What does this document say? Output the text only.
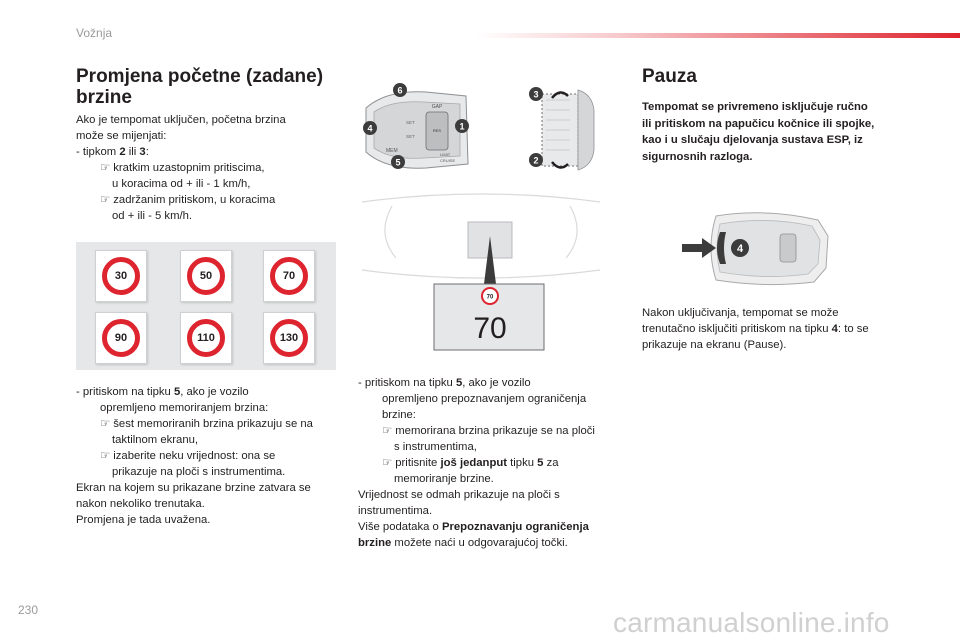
Vožnja
Promjena početne (zadane)
brzine

Ako je tempomat uključen, početna brzina

može se mijenjati:

- tipkom 2 ili 3:

☞ kratkim uzastopnim pritiscima,

u koracima od + ili - 1 km/h,

☞ zadržanim pritiskom, u koracima

od + ili - 5 km/h.

30	50	70
90	110	130

- pritiskom na tipku 5, ako je vozilo

opremljeno memoriranjem brzina:

☞ šest memoriranih brzina prikazuju se na

taktilnom ekranu,

☞ izaberite neku vrijednost: ona se

prikazuje na ploči s instrumentima.

Ekran na kojem su prikazane brzine zatvara se

nakon nekoliko trenutaka.

Promjena je tada uvažena.

GAP
MEM
SET
SET
RES
CRUISE
LIMIT
6
4
5
1
3
2
70
70

- pritiskom na tipku 5, ako je vozilo

opremljeno prepoznavanjem ograničenja

brzine:

☞ memorirana brzina prikazuje se na ploči

s instrumentima,

☞ pritisnite još jedanput tipku 5 za

memoriranje brzine.

Vrijednost se odmah prikazuje na ploči s

instrumentima.

Više podataka o Prepoznavanju ograničenja

brzine možete naći u odgovarajućoj točki.

Pauza

Tempomat se privremeno isključuje ručno

ili pritiskom na papučicu kočnice ili spojke,

kao i u slučaju djelovanja sustava ESP, iz

sigurnosnih razloga.

4

Nakon uključivanja, tempomat se može

trenutačno isključiti pritiskom na tipku 4: to se

prikazuje na ekranu (Pause).

230	carmanualsonline.info
